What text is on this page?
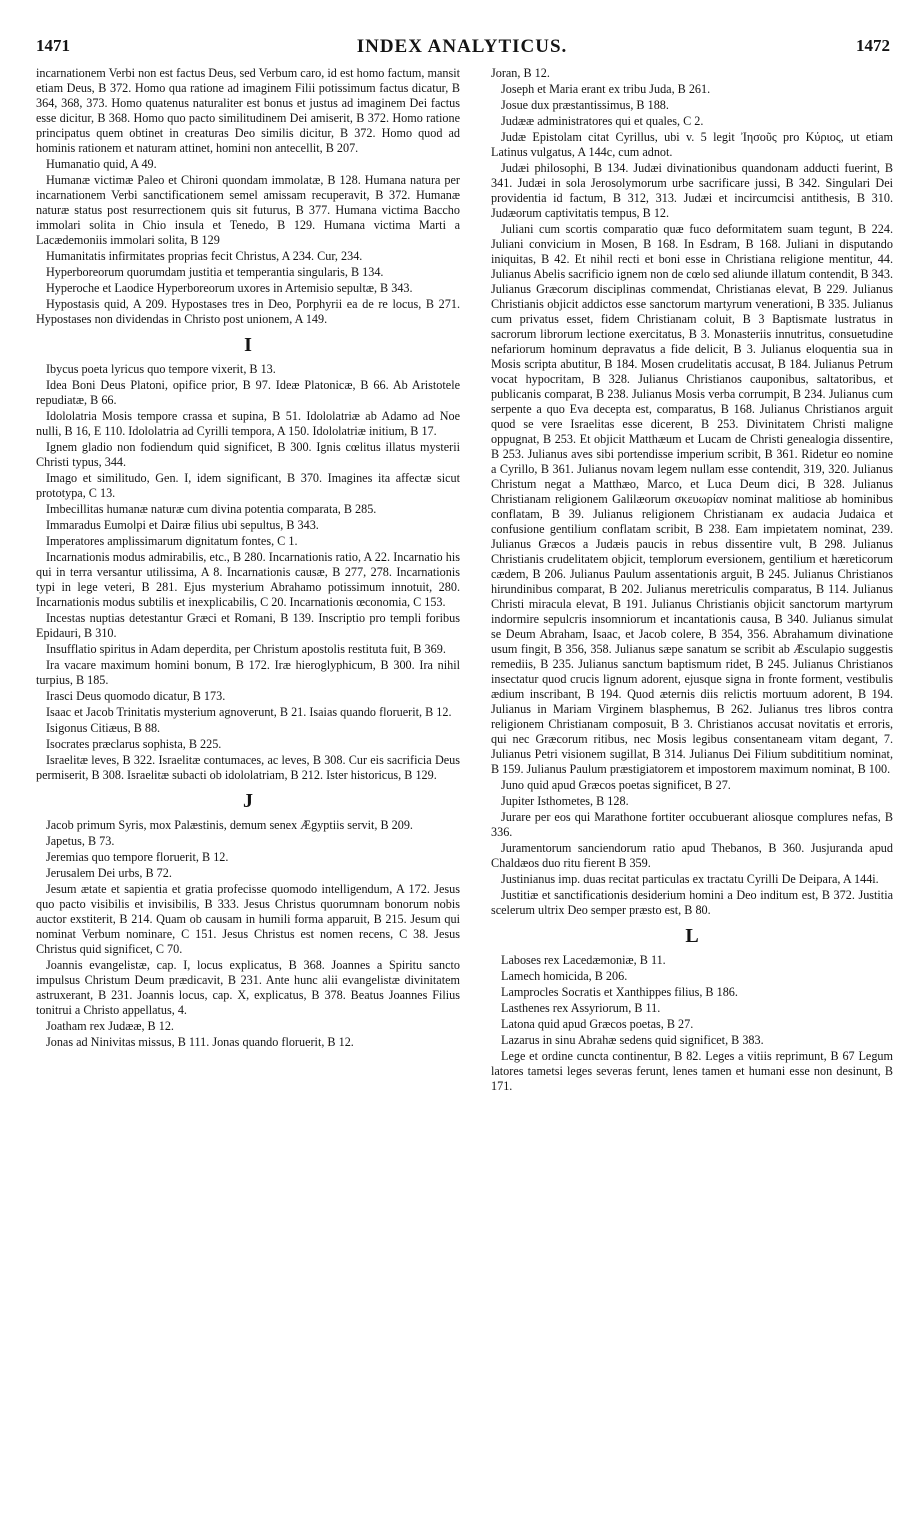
1471	INDEX ANALYTICUS.	1472

incarnationem Verbi non est factus Deus, sed Verbum caro, id est homo factum, mansit etiam Deus, B 372. Homo qua ratione ad imaginem Filii potissimum factus dicatur, B 364, 368, 373. Homo quatenus naturaliter est bonus et justus ad imaginem Dei factus esse dicitur, B 368. Homo quo pacto similitudinem Dei amiserit, B 372. Homo ratione principatus quem obtinet in creaturas Deo similis dicitur, B 372. Homo quod ad hominis rationem et naturam attinet, homini non antecellit, B 207.

Humanatio quid, A 49.

Humanæ victimæ Paleo et Chironi quondam immolatæ, B 128. Humana natura per incarnationem Verbi sanctificationem semel amissam recuperavit, B 372. Humanæ naturæ status post resurrectionem quis sit futurus, B 377. Humana victima Baccho immolari solita in Chio insula et Tenedo, B 129. Humana victima Marti a Lacædemoniis immolari solita, B 129

Humanitatis infirmitates proprias fecit Christus, A 234. Cur, 234.

Hyperboreorum quorumdam justitia et temperantia singularis, B 134.

Hyperoche et Laodice Hyperboreorum uxores in Artemisio sepultæ, B 343.

Hypostasis quid, A 209. Hypostases tres in Deo, Porphyrii ea de re locus, B 271. Hypostases non dividendas in Christo post unionem, A 149.

I

Ibycus poeta lyricus quo tempore vixerit, B 13.

Idea Boni Deus Platoni, opifice prior, B 97. Ideæ Platonicæ, B 66. Ab Aristotele repudiatæ, B 66.

Idololatria Mosis tempore crassa et supina, B 51. Idololatriæ ab Adamo ad Noe nulli, B 16, E 110. Idololatria ad Cyrilli tempora, A 150. Idololatriæ initium, B 17.

Ignem gladio non fodiendum quid significet, B 300. Ignis cœlitus illatus mysterii Christi typus, 344.

Imago et similitudo, Gen. I, idem significant, B 370. Imagines ita affectæ sicut prototypa, C 13.

Imbecillitas humanæ naturæ cum divina potentia comparata, B 285.

Immaradus Eumolpi et Dairæ filius ubi sepultus, B 343.

Imperatores amplissimarum dignitatum fontes, C 1.

Incarnationis modus admirabilis, etc., B 280. Incarnationis ratio, A 22. Incarnatio his qui in terra versantur utilissima, A 8. Incarnationis causæ, B 277, 278. Incarnationis typi in lege veteri, B 281. Ejus mysterium Abrahamo potissimum innotuit, 280. Incarnationis modus subtilis et inexplicabilis, C 20. Incarnationis œconomia, C 153.

Incestas nuptias detestantur Græci et Romani, B 139. Inscriptio pro templi foribus Epidauri, B 310.

Insufflatio spiritus in Adam deperdita, per Christum apostolis restituta fuit, B 369.

Ira vacare maximum homini bonum, B 172. Iræ hieroglyphicum, B 300. Ira nihil turpius, B 185.

Irasci Deus quomodo dicatur, B 173.

Isaac et Jacob Trinitatis mysterium agnoverunt, B 21. Isaias quando floruerit, B 12.

Isigonus Citiæus, B 88.

Isocrates præclarus sophista, B 225.

Israelitæ leves, B 322. Israelitæ contumaces, ac leves, B 308. Cur eis sacrificia Deus permiserit, B 308. Israelitæ subacti ob idololatriam, B 212. Ister historicus, B 129.

J

Jacob primum Syris, mox Palæstinis, demum senex Ægyptiis servit, B 209.

Japetus, B 73.

Jeremias quo tempore floruerit, B 12.

Jerusalem Dei urbs, B 72.

Jesum ætate et sapientia et gratia profecisse quomodo intelligendum, A 172. Jesus quo pacto visibilis et invisibilis, B 333. Jesus Christus quorumnam bonorum nobis auctor exstiterit, B 214. Quam ob causam in humili forma apparuit, B 215. Jesum qui nominat Verbum nominare, C 151. Jesus Christus est nomen recens, C 38. Jesus Christus quid significet, C 70.

Joannis evangelistæ, cap. I, locus explicatus, B 368. Joannes a Spiritu sancto impulsus Christum Deum prædicavit, B 231. Ante hunc alii evangelistæ divinitatem astruxerant, B 231. Joannis locus, cap. X, explicatus, B 378. Beatus Joannes Filius tonitrui a Christo appellatus, 4.

Joatham rex Judææ, B 12.

Jonas ad Ninivitas missus, B 111. Jonas quando floruerit, B 12.

Joran, B 12.

Joseph et Maria erant ex tribu Juda, B 261.

Josue dux præstantissimus, B 188.

Judææ administratores qui et quales, C 2.

Judæ Epistolam citat Cyrillus, ubi v. 5 legit Ἰησοῦς pro Κύριος, ut etiam Latinus vulgatus, A 144c, cum adnot.

Judæi philosophi, B 134. Judæi divinationibus quandonam adducti fuerint, B 341. Judæi in sola Jerosolymorum urbe sacrificare jussi, B 342. Singulari Dei providentia id factum, B 312, 313. Judæi et incircumcisi antithesis, B 310. Judæorum captivitatis tempus, B 12.

Juliani cum scortis comparatio quæ fuco deformitatem suam tegunt, B 224. Juliani convicium in Mosen, B 168. In Esdram, B 168. Juliani in disputando iniquitas, B 42. Et nihil recti et boni esse in Christiana religione mentitur, 44. Julianus Abelis sacrificio ignem non de cœlo sed aliunde illatum contendit, B 343. Julianus Græcorum disciplinas commendat, Christianas elevat, B 229. Julianus Christianis objicit addictos esse sanctorum martyrum venerationi, B 335. Julianus cum privatus esset, fidem Christianam coluit, B 3 Baptismate lustratus in sacrorum librorum lectione exercitatus, B 3. Monasteriis innutritus, consuetudine nefariorum hominum depravatus a fide delicit, B 3. Julianus eloquentia sua in Mosis scripta abutitur, B 184. Mosen crudelitatis accusat, B 184. Julianus Petrum vocat hypocritam, B 328. Julianus Christianos cauponibus, saltatoribus, et publicanis comparat, B 238. Julianus Mosis verba corrumpit, B 234. Julianus cum serpente a quo Eva decepta est, comparatus, B 168. Julianus Christianos arguit quod se vere Israelitas esse dicerent, B 253. Divinitatem Christi maligne oppugnat, B 253. Et objicit Matthæum et Lucam de Christi genealogia dissentire, B 253. Julianus aves sibi portendisse imperium scribit, B 361. Ridetur eo nomine a Cyrillo, B 361. Julianus novam legem nullam esse contendit, 319, 320. Julianus Christum negat a Matthæo, Marco, et Luca Deum dici, B 328. Julianus Christianam religionem Galilæorum σκευωρίαν nominat malitiose ab hominibus conflatam, B 39. Julianus religionem Christianam ex audacia Judaica et confusione gentilium conflatam scribit, B 238. Eam impietatem nominat, 239. Julianus Græcos a Judæis paucis in rebus dissentire vult, B 298. Julianus Christianis crudelitatem objicit, templorum eversionem, gentilium et hæreticorum cædem, B 206. Julianus Paulum assentationis arguit, B 245. Julianus Christianos hirundinibus comparat, B 202. Julianus meretriculis comparatus, B 114. Julianus Christi miracula elevat, B 191. Julianus Christianis objicit sanctorum martyrum indormire sepulcris insomniorum et incantationis causa, B 340. Julianus simulat se Deum Abraham, Isaac, et Jacob colere, B 354, 356. Abrahamum divinatione usum fingit, B 356, 358. Julianus sæpe sanatum se scribit ab Æsculapio suggestis remediis, B 235. Julianus sanctum baptismum ridet, B 245. Julianus Christianos insectatur quod crucis lignum adorent, ejusque signa in fronte forment, vestibulis ædium inscribant, B 194. Quod æternis diis relictis mortuum adorent, B 194. Julianus in Mariam Virginem blasphemus, B 262. Julianus tres libros contra religionem Christianam composuit, B 3. Christianos accusat novitatis et erroris, qui nec Græcorum ritibus, nec Mosis legibus consentaneam vitam degant, 7. Julianus Petri visionem sugillat, B 314. Julianus Dei Filium subdititium nominat, B 159. Julianus Paulum præstigiatorem et impostorem maximum nominat, B 100.

Juno quid apud Græcos poetas significet, B 27.

Jupiter Isthometes, B 128.

Jurare per eos qui Marathone fortiter occubuerant aliosque complures nefas, B 336.

Juramentorum sanciendorum ratio apud Thebanos, B 360. Jusjuranda apud Chaldæos duo ritu fierent B 359.

Justinianus imp. duas recitat particulas ex tractatu Cyrilli De Deipara, A 144i.

Justitiæ et sanctificationis desiderium homini a Deo inditum est, B 372. Justitia scelerum ultrix Deo semper præsto est, B 80.

L

Laboses rex Lacedæmoniæ, B 11.

Lamech homicida, B 206.

Lamprocles Socratis et Xanthippes filius, B 186.

Lasthenes rex Assyriorum, B 11.

Latona quid apud Græcos poetas, B 27.

Lazarus in sinu Abrahæ sedens quid significet, B 383.

Lege et ordine cuncta continentur, B 82. Leges a vitiis reprimunt, B 67 Legum latores tametsi leges severas ferunt, lenes tamen et humani esse non desinunt, B 171.
